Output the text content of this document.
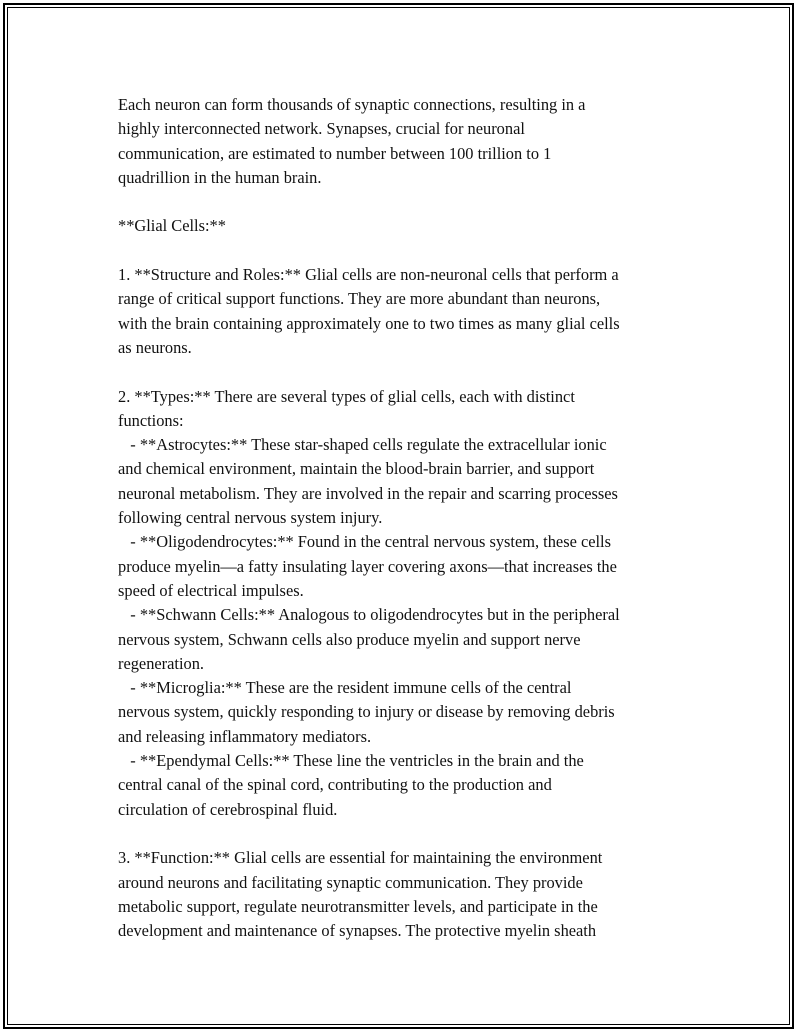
Each neuron can form thousands of synaptic connections, resulting in a
highly interconnected network. Synapses, crucial for neuronal
communication, are estimated to number between 100 trillion to 1
quadrillion in the human brain.
**Glial Cells:**
1. **Structure and Roles:** Glial cells are non-neuronal cells that perform a
range of critical support functions. They are more abundant than neurons,
with the brain containing approximately one to two times as many glial cells
as neurons.
2. **Types:** There are several types of glial cells, each with distinct
functions:
- **Astrocytes:** These star-shaped cells regulate the extracellular ionic
and chemical environment, maintain the blood-brain barrier, and support
neuronal metabolism. They are involved in the repair and scarring processes
following central nervous system injury.
- **Oligodendrocytes:** Found in the central nervous system, these cells
produce myelin—a fatty insulating layer covering axons—that increases the
speed of electrical impulses.
- **Schwann Cells:** Analogous to oligodendrocytes but in the peripheral
nervous system, Schwann cells also produce myelin and support nerve
regeneration.
- **Microglia:** These are the resident immune cells of the central
nervous system, quickly responding to injury or disease by removing debris
and releasing inflammatory mediators.
- **Ependymal Cells:** These line the ventricles in the brain and the
central canal of the spinal cord, contributing to the production and
circulation of cerebrospinal fluid.
3. **Function:** Glial cells are essential for maintaining the environment
around neurons and facilitating synaptic communication. They provide
metabolic support, regulate neurotransmitter levels, and participate in the
development and maintenance of synapses. The protective myelin sheath
